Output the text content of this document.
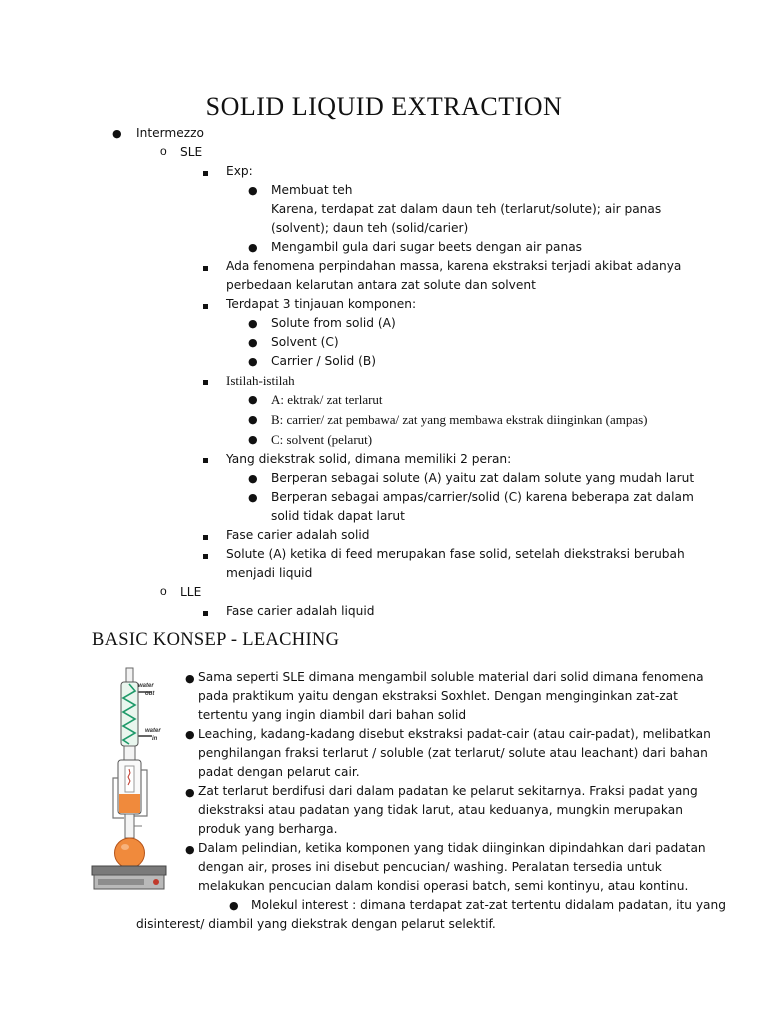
SOLID LIQUID EXTRACTION
● Intermezzo
o SLE
Exp:
● Membuat teh
Karena, terdapat zat dalam daun teh (terlarut/solute); air panas
(solvent); daun teh (solid/carier)
● Mengambil gula dari sugar beets dengan air panas
Ada fenomena perpindahan massa, karena ekstraksi terjadi akibat adanya
perbedaan kelarutan antara zat solute dan solvent
Terdapat 3 tinjauan komponen:
● Solute from solid (A)
● Solvent (C)
● Carrier / Solid (B)
Istilah-istilah
● A: ektrak/ zat terlarut
● B: carrier/ zat pembawa/ zat yang membawa ekstrak diinginkan (ampas)
● C: solvent (pelarut)
Yang diekstrak solid, dimana memiliki 2 peran:
● Berperan sebagai solute (A) yaitu zat dalam solute yang mudah larut
● Berperan sebagai ampas/carrier/solid (C) karena beberapa zat dalam
solid tidak dapat larut
Fase carier adalah solid
Solute (A) ketika di feed merupakan fase solid, setelah diekstraksi berubah
menjadi liquid
o LLE
Fase carier adalah liquid
BASIC KONSEP - LEACHING
water
out
water
in
● Sama seperti SLE dimana mengambil soluble material dari solid dimana fenomena
pada praktikum yaitu dengan ekstraksi Soxhlet. Dengan menginginkan zat-zat
tertentu yang ingin diambil dari bahan solid
● Leaching, kadang-kadang disebut ekstraksi padat-cair (atau cair-padat), melibatkan
penghilangan fraksi terlarut / soluble (zat terlarut/ solute atau leachant) dari bahan
padat dengan pelarut cair.
● Zat terlarut berdifusi dari dalam padatan ke pelarut sekitarnya. Fraksi padat yang
diekstraksi atau padatan yang tidak larut, atau keduanya, mungkin merupakan
produk yang berharga.
● Dalam pelindian, ketika komponen yang tidak diinginkan dipindahkan dari padatan
dengan air, proses ini disebut pencucian/ washing. Peralatan tersedia untuk
melakukan pencucian dalam kondisi operasi batch, semi kontinyu, atau kontinu.
● Molekul interest : dimana terdapat zat-zat tertentu didalam padatan, itu yang
disinterest/ diambil yang diekstrak dengan pelarut selektif.
